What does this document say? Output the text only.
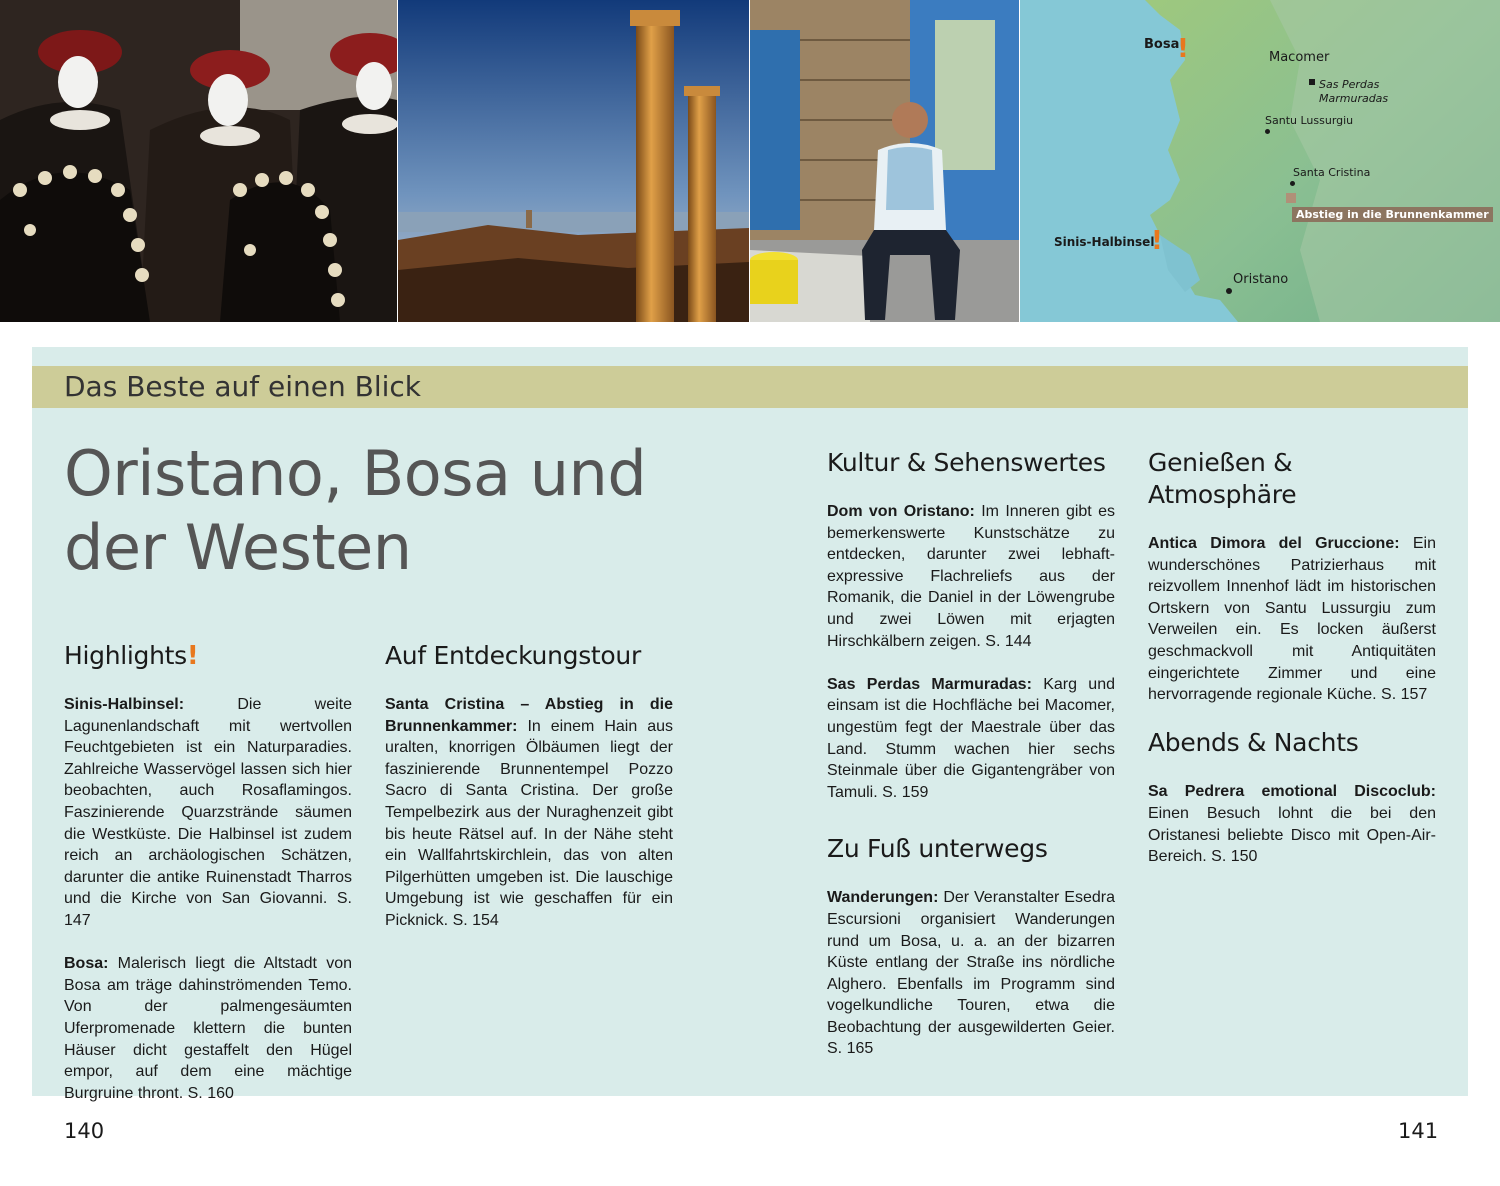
Bosa
!	Macomer
Sas Perdas
Marmuradas
Santu Lussurgiu
Santa Cristina
Abstieg in die Brunnenkammer
Sinis-Halbinsel
!
Oristano
Das Beste auf einen Blick
Oristano, Bosa und
der Westen
Highlights!

Sinis-Halbinsel: Die weite Lagunenlandschaft mit wertvollen Feuchtgebieten ist ein Naturparadies. Zahlreiche Wasservögel lassen sich hier beobachten, auch Rosaflamingos. Faszinierende Quarzstrände säumen die Westküste. Die Halbinsel ist zudem reich an archäologischen Schätzen, darunter die antike Ruinenstadt Tharros und die Kirche von San Giovanni. S. 147

Bosa: Malerisch liegt die Altstadt von Bosa am träge dahinströmenden Temo. Von der palmengesäumten Uferpromenade klettern die bunten Häuser dicht gestaffelt den Hügel empor, auf dem eine mächtige Burgruine thront. S. 160

Auf Entdeckungstour

Santa Cristina – Abstieg in die Brunnenkammer: In einem Hain aus uralten, knorrigen Ölbäumen liegt der faszinierende Brunnentempel Pozzo Sacro di Santa Cristina. Der große Tempelbezirk aus der Nuraghenzeit gibt bis heute Rätsel auf. In der Nähe steht ein Wallfahrtskirchlein, das von alten Pilgerhütten umgeben ist. Die lauschige Umgebung ist wie geschaffen für ein Picknick. S. 154

Kultur & Sehenswertes

Dom von Oristano: Im Inneren gibt es bemerkenswerte Kunstschätze zu entdecken, darunter zwei lebhaft-expressive Flachreliefs aus der Romanik, die Daniel in der Löwengrube und zwei Löwen mit erjagten Hirschkälbern zeigen. S. 144

Sas Perdas Marmuradas: Karg und einsam ist die Hochfläche bei Macomer, ungestüm fegt der Maestrale über das Land. Stumm wachen hier sechs Steinmale über die Gigantengräber von Tamuli. S. 159

Zu Fuß unterwegs

Wanderungen: Der Veranstalter Esedra Escursioni organisiert Wanderungen rund um Bosa, u. a. an der bizarren Küste entlang der Straße ins nördliche Alghero. Ebenfalls im Programm sind vogelkundliche Touren, etwa die Beobachtung der ausgewilderten Geier. S. 165

Genießen & Atmosphäre

Antica Dimora del Gruccione: Ein wunderschönes Patrizierhaus mit reizvollem Innenhof lädt im historischen Ortskern von Santu Lussurgiu zum Verweilen ein. Es locken äußerst geschmackvoll mit Antiquitäten eingerichtete Zimmer und eine hervorragende regionale Küche. S. 157

Abends & Nachts

Sa Pedrera emotional Discoclub: Einen Besuch lohnt die bei den Oristanesi beliebte Disco mit Open-Air-Bereich. S. 150

140	141
